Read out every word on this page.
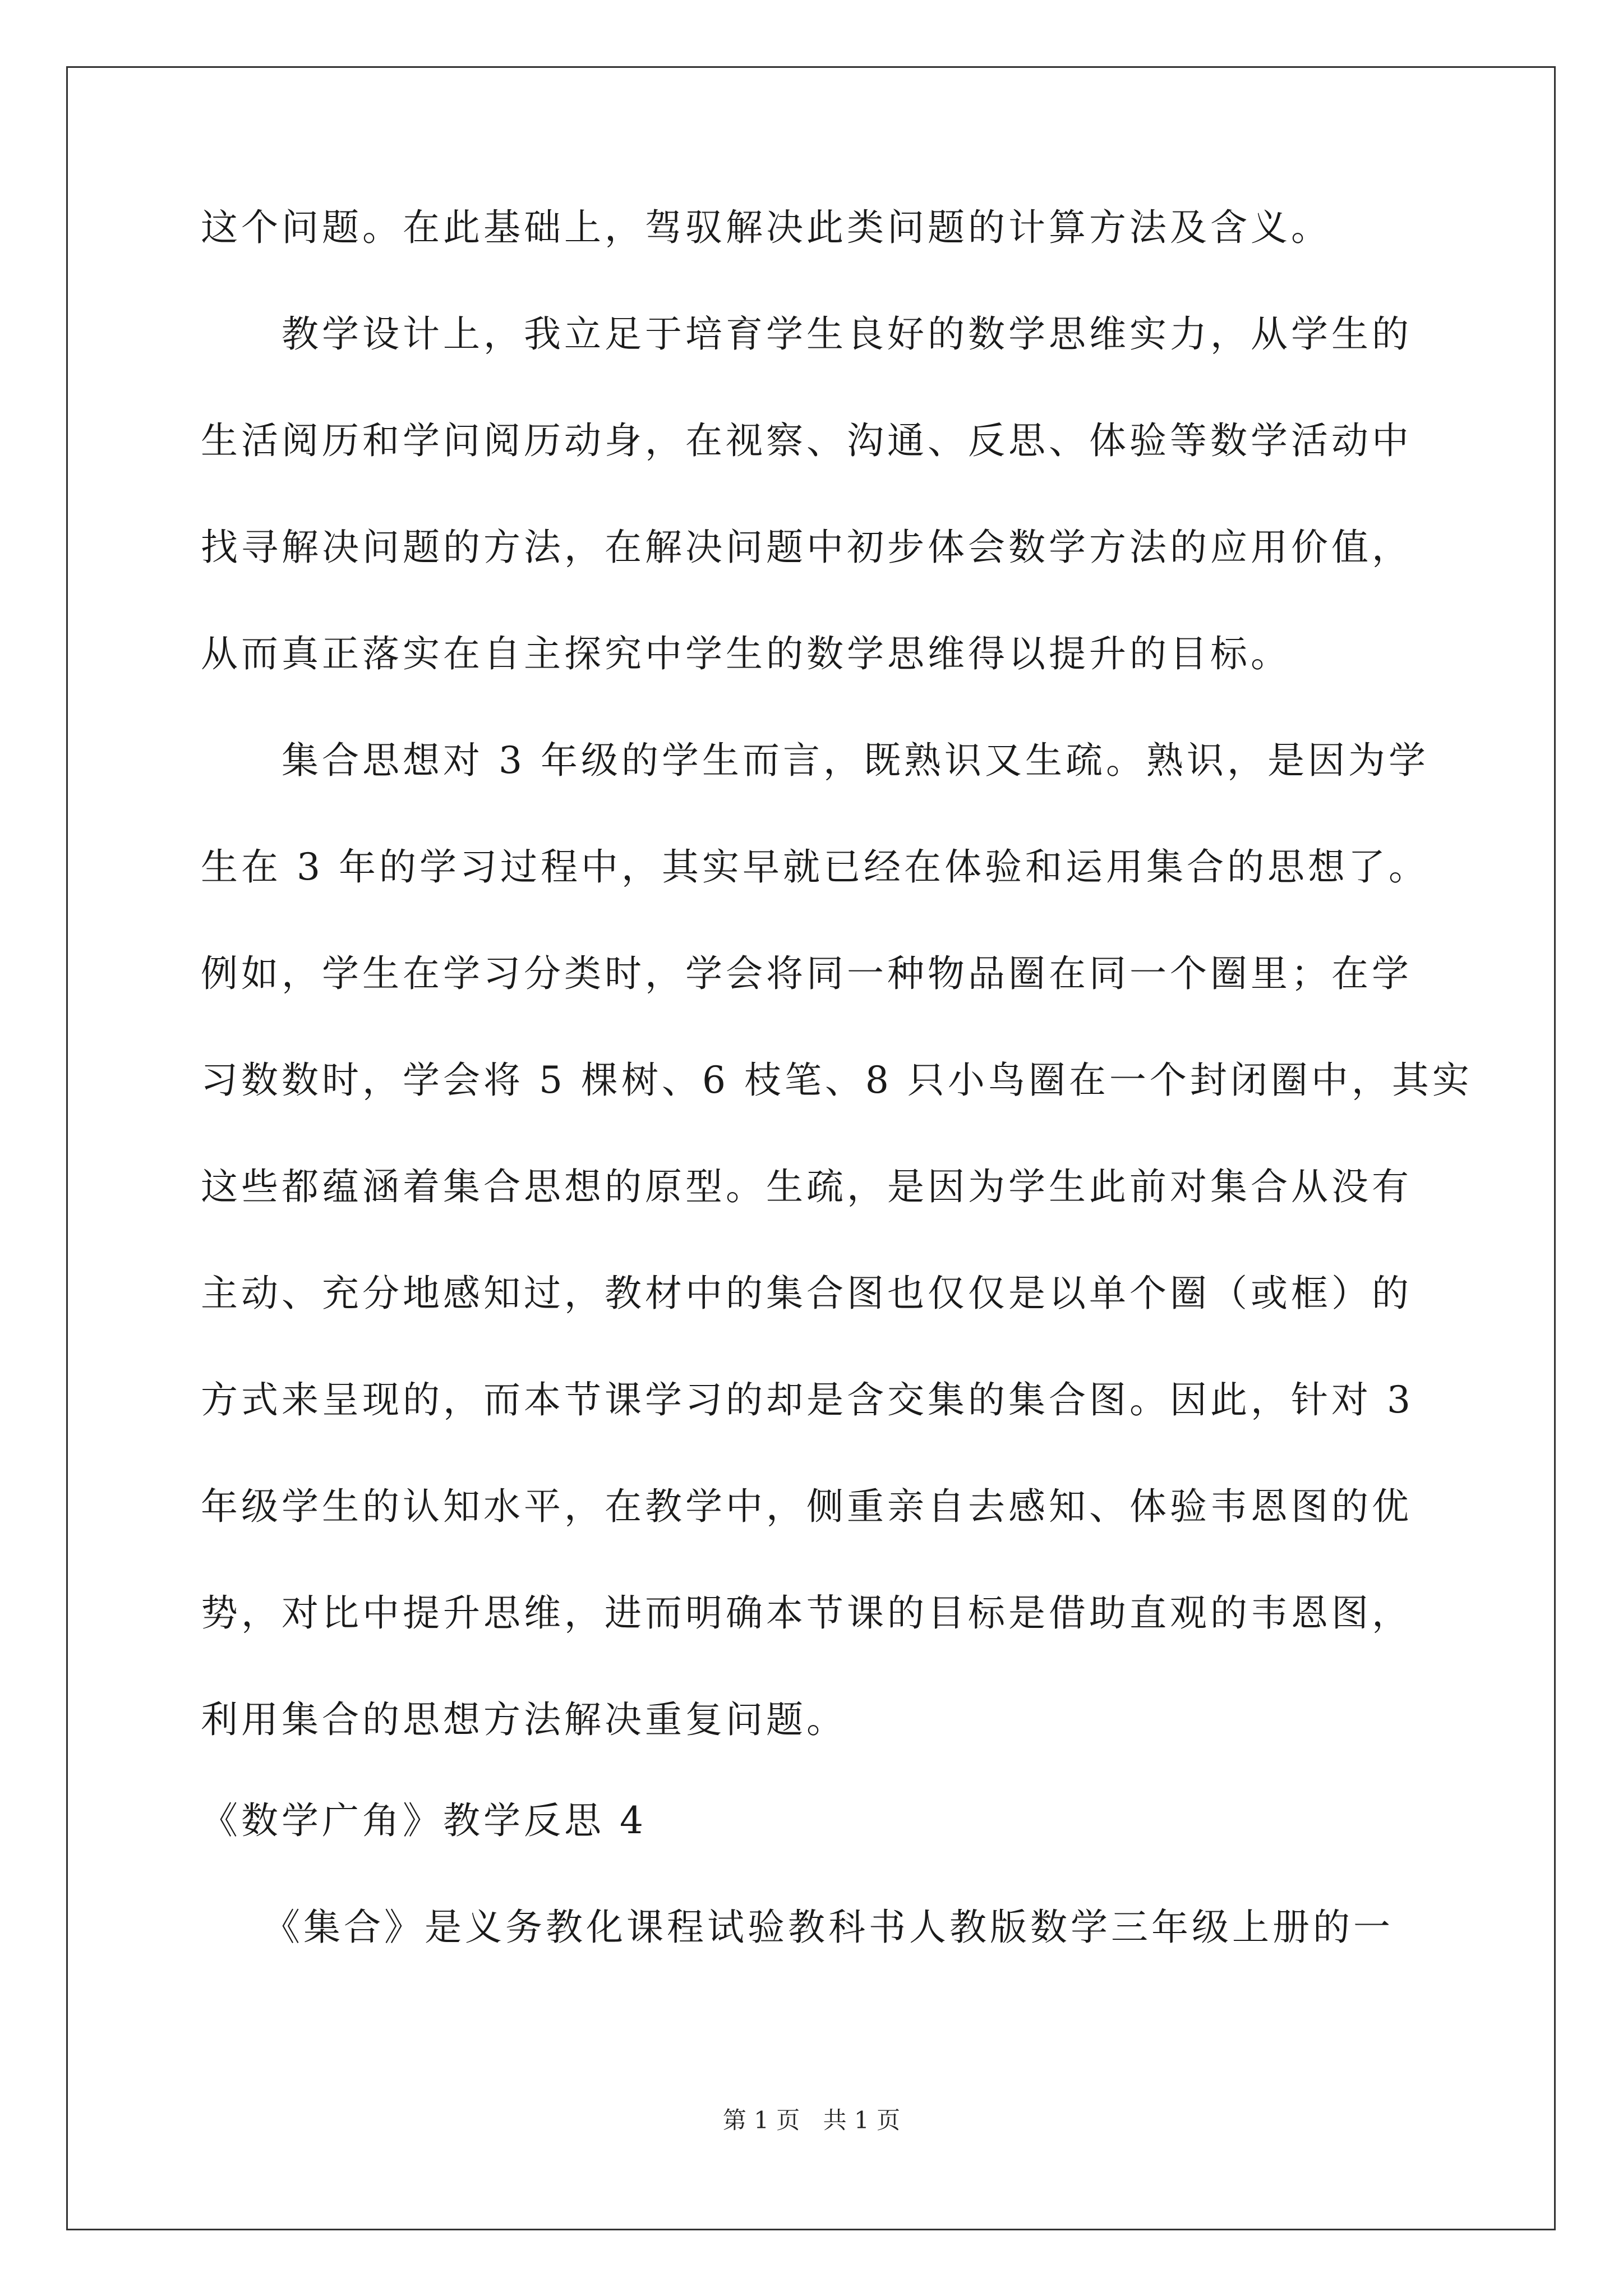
这个问题。在此基础上，驾驭解决此类问题的计算方法及含义。
　　教学设计上，我立足于培育学生良好的数学思维实力，从学生的
生活阅历和学问阅历动身，在视察、沟通、反思、体验等数学活动中
找寻解决问题的方法，在解决问题中初步体会数学方法的应用价值，
从而真正落实在自主探究中学生的数学思维得以提升的目标。
　　集合思想对 3 年级的学生而言，既熟识又生疏。熟识，是因为学
生在 3 年的学习过程中，其实早就已经在体验和运用集合的思想了。
例如，学生在学习分类时，学会将同一种物品圈在同一个圈里；在学
习数数时，学会将 5 棵树、6 枝笔、8 只小鸟圈在一个封闭圈中，其实
这些都蕴涵着集合思想的原型。生疏，是因为学生此前对集合从没有
主动、充分地感知过，教材中的集合图也仅仅是以单个圈（或框）的
方式来呈现的，而本节课学习的却是含交集的集合图。因此，针对 3
年级学生的认知水平，在教学中，侧重亲自去感知、体验韦恩图的优
势，对比中提升思维，进而明确本节课的目标是借助直观的韦恩图，
利用集合的思想方法解决重复问题。
《数学广角》教学反思 4
　　《集合》是义务教化课程试验教科书人教版数学三年级上册的一
第 1 页 共 1 页
